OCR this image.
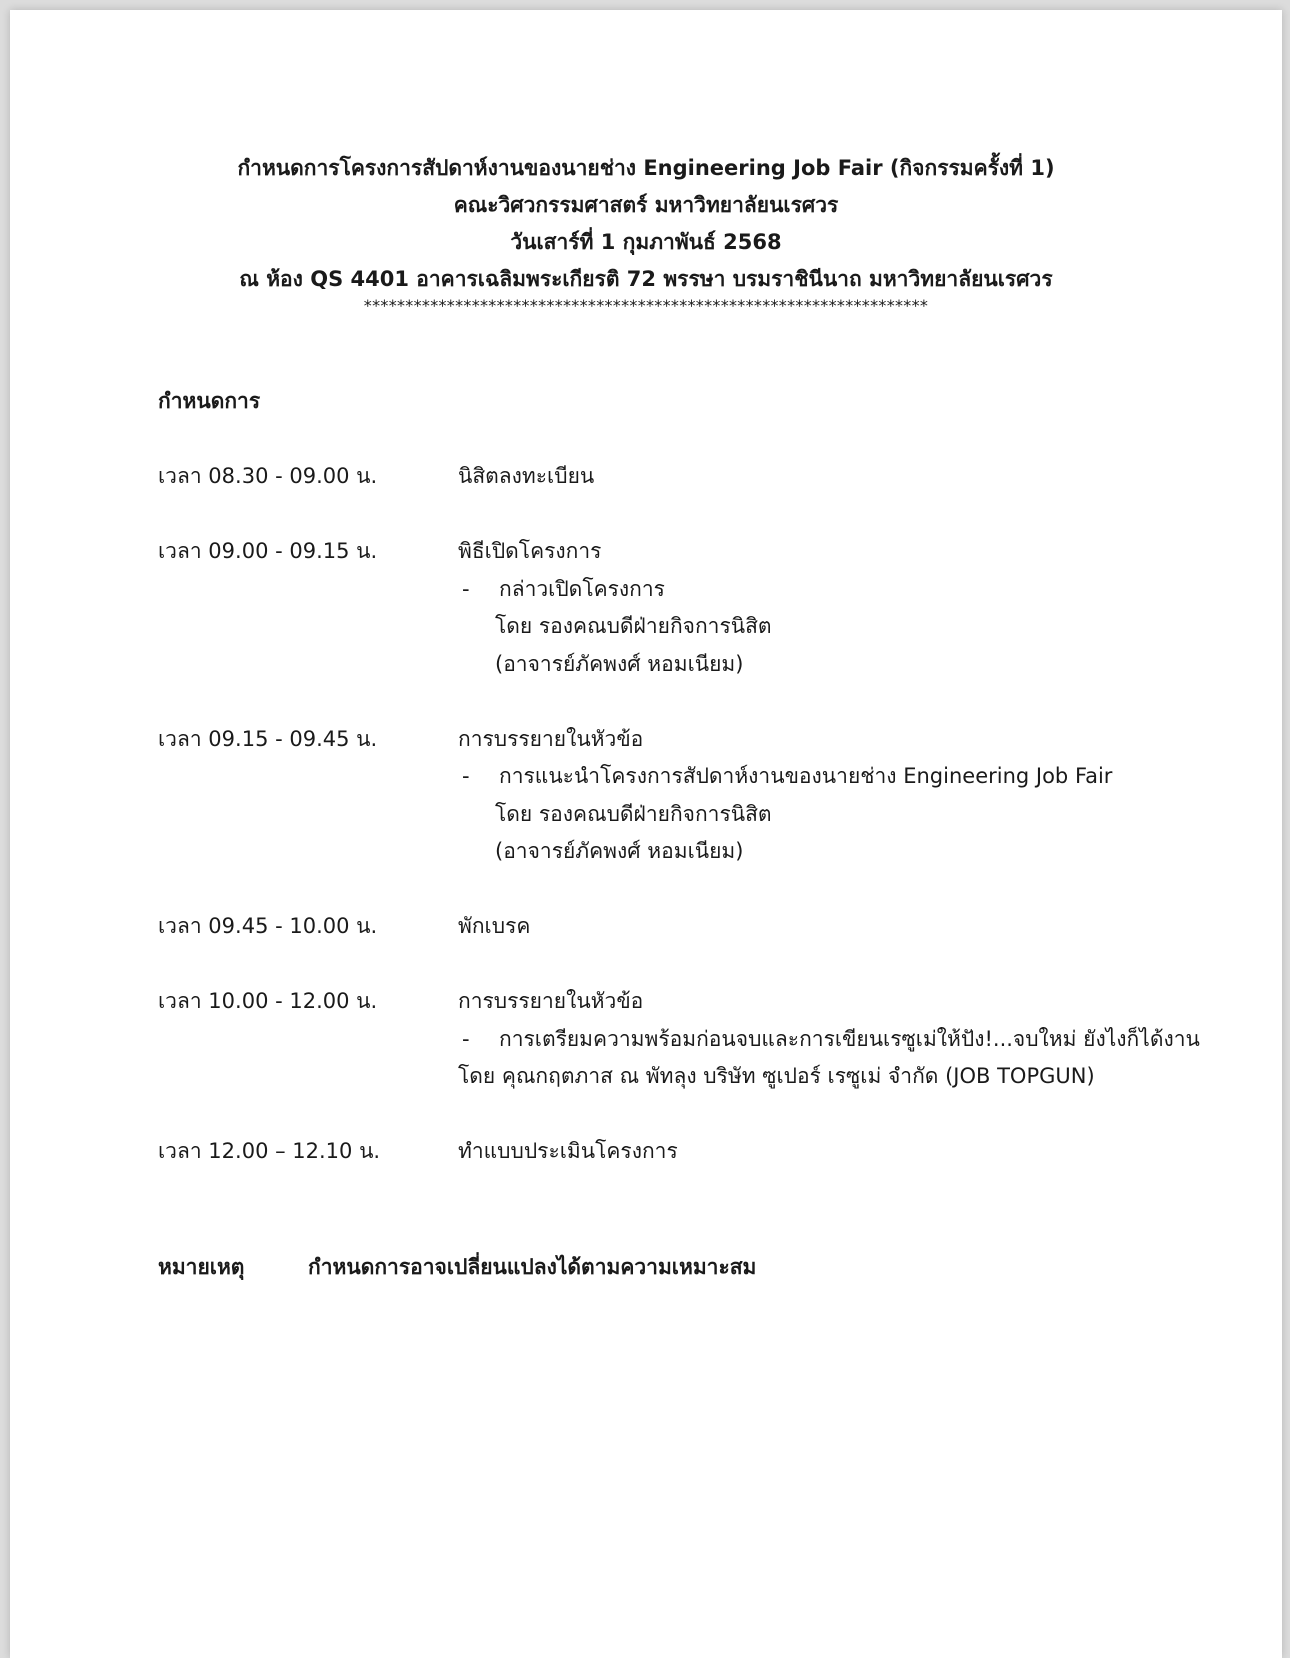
กำหนดการโครงการสัปดาห์งานของนายช่าง Engineering Job Fair (กิจกรรมครั้งที่ 1)
คณะวิศวกรรมศาสตร์ มหาวิทยาลัยนเรศวร
วันเสาร์ที่ 1 กุมภาพันธ์ 2568
ณ ห้อง QS 4401 อาคารเฉลิมพระเกียรติ 72 พรรษา บรมราชินีนาถ มหาวิทยาลัยนเรศวร
********************************************************************
กำหนดการ
เวลา 08.30 - 09.00 น.	นิสิตลงทะเบียน
เวลา 09.00 - 09.15 น.	พิธีเปิดโครงการ
- กล่าวเปิดโครงการ
โดย รองคณบดีฝ่ายกิจการนิสิต
(อาจารย์ภัคพงศ์ หอมเนียม)
เวลา 09.15 - 09.45 น.	การบรรยายในหัวข้อ
- การแนะนำโครงการสัปดาห์งานของนายช่าง Engineering Job Fair
โดย รองคณบดีฝ่ายกิจการนิสิต
(อาจารย์ภัคพงศ์ หอมเนียม)
เวลา 09.45 - 10.00 น.	พักเบรค
เวลา 10.00 - 12.00 น.	การบรรยายในหัวข้อ
- การเตรียมความพร้อมก่อนจบและการเขียนเรซูเม่ให้ปัง!...จบใหม่ ยังไงก็ได้งาน
โดย คุณกฤตภาส ณ พัทลุง บริษัท ซูเปอร์ เรซูเม่ จำกัด (JOB TOPGUN)
เวลา 12.00 – 12.10 น.	ทำแบบประเมินโครงการ
หมายเหตุ	กำหนดการอาจเปลี่ยนแปลงได้ตามความเหมาะสม
